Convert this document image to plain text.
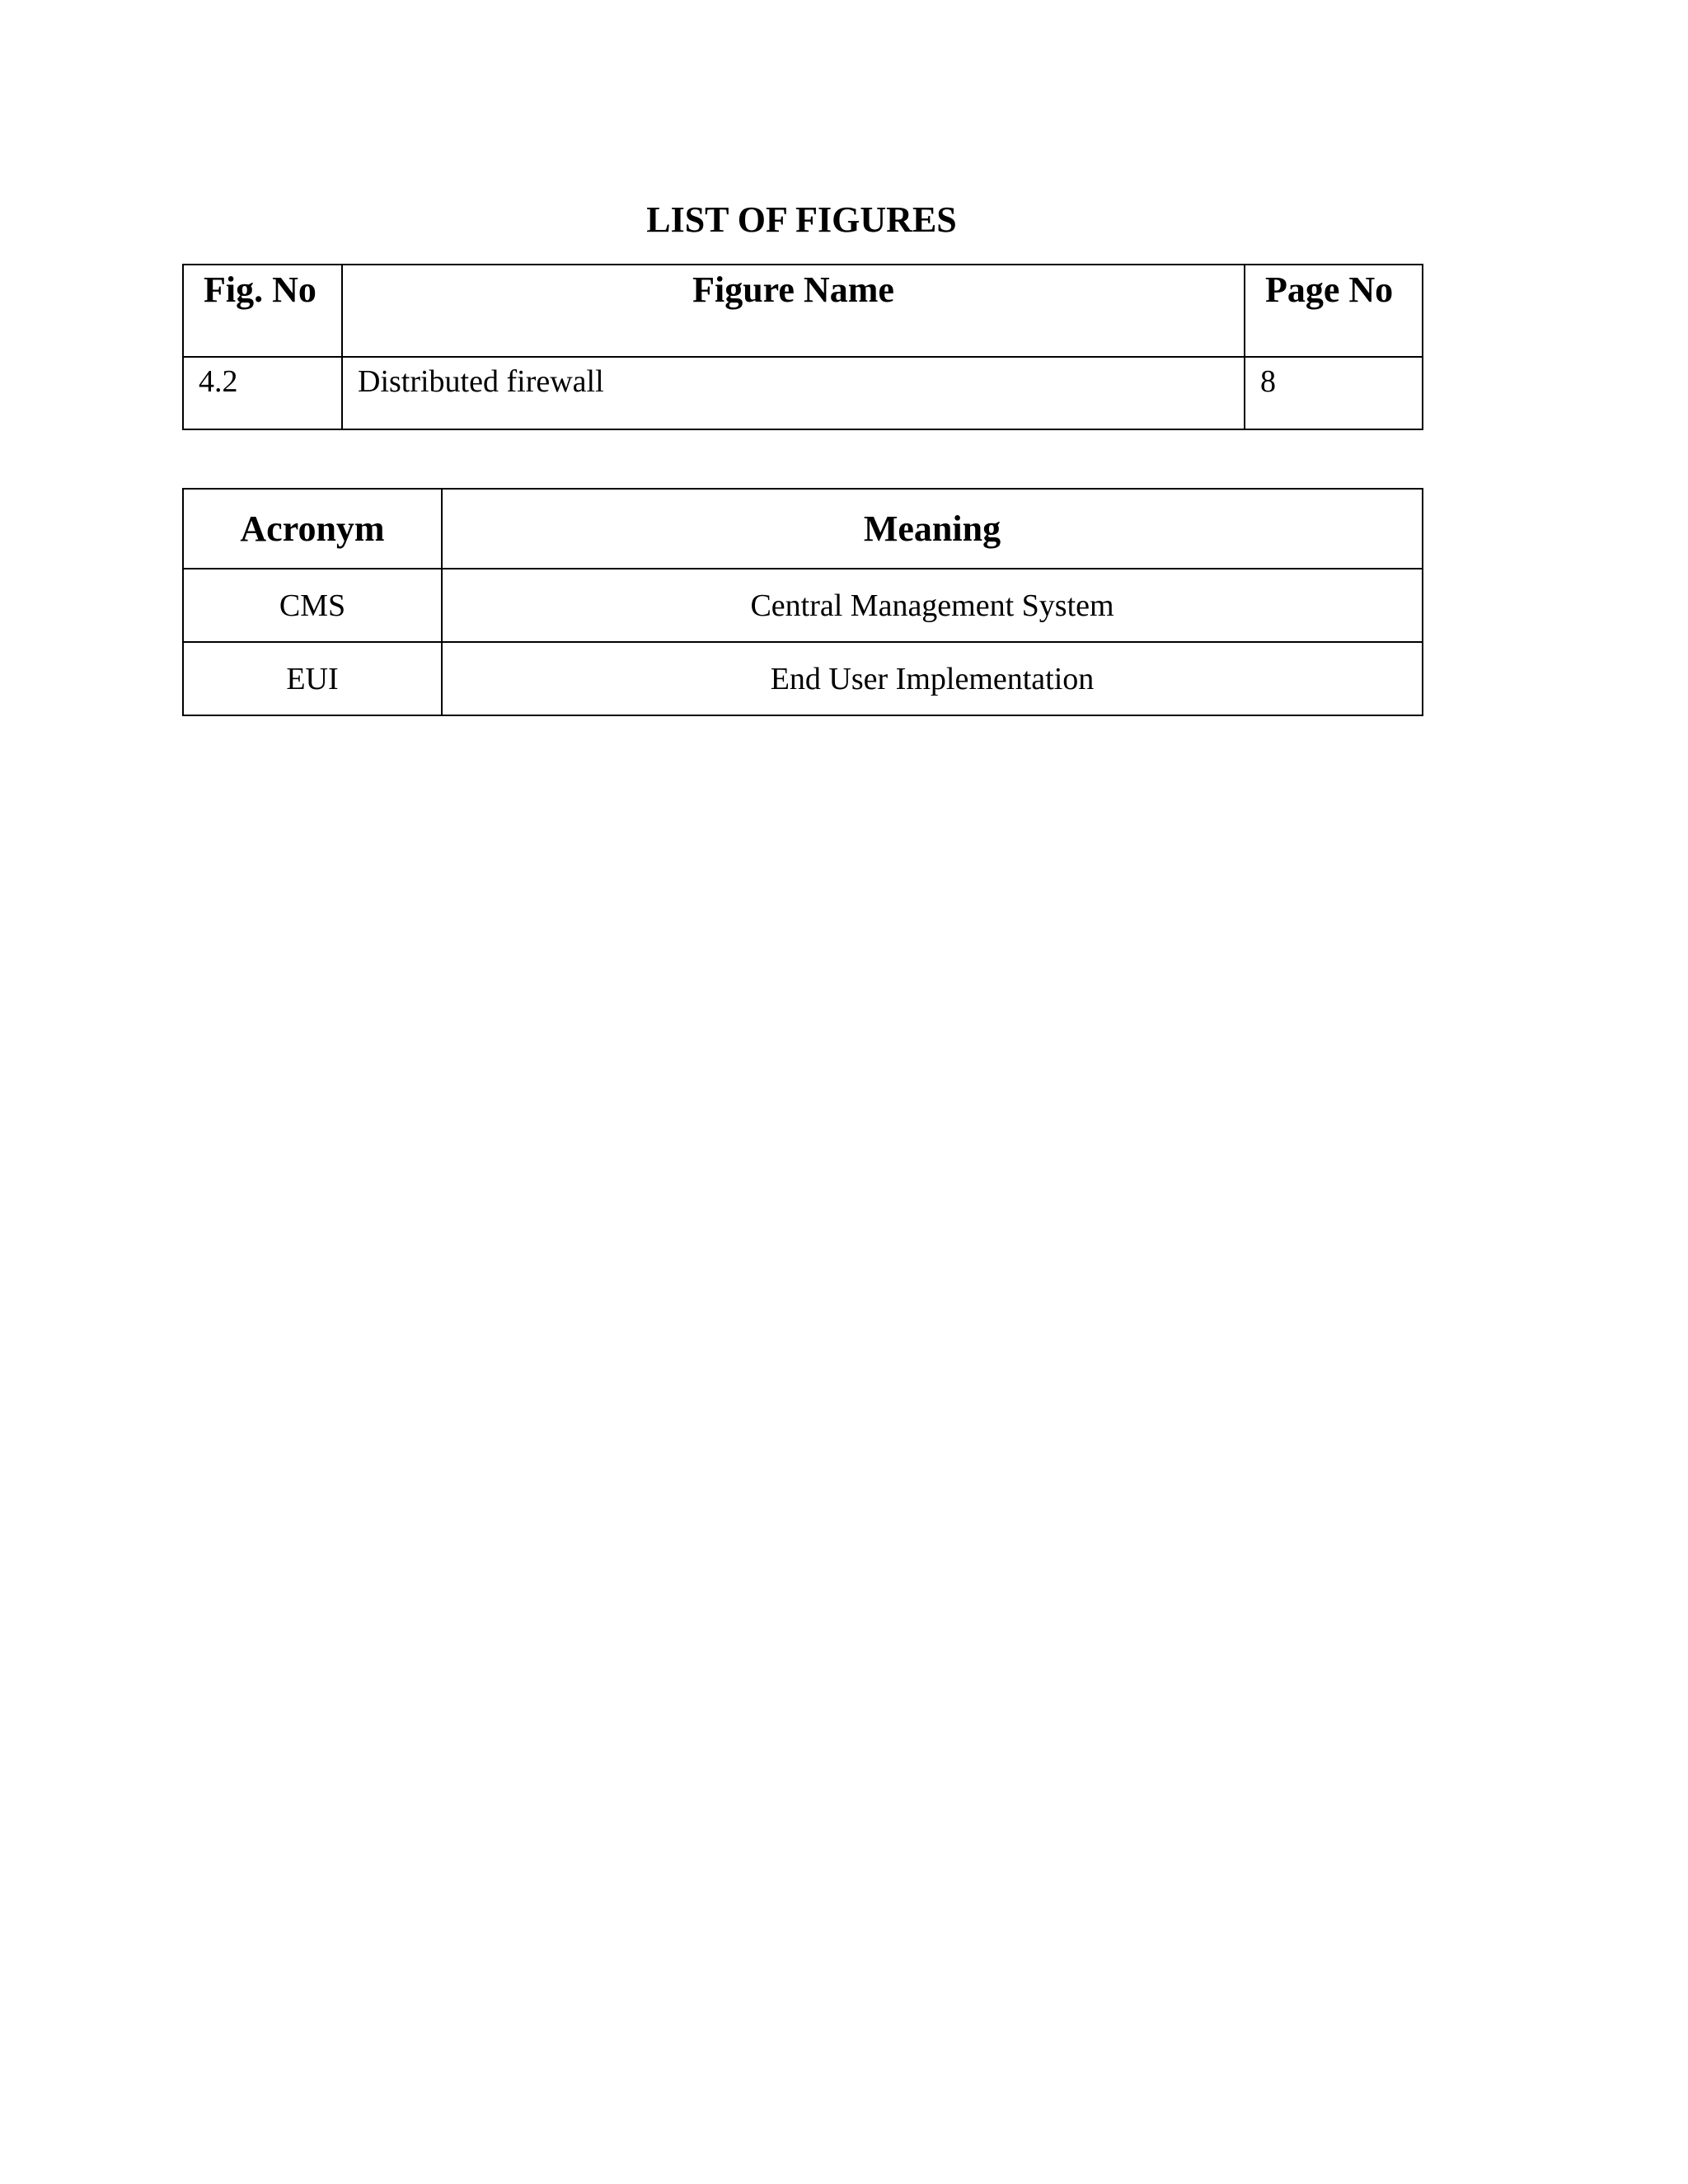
LIST OF FIGURES
Fig. No	Figure Name	Page No
4.2	Distributed firewall	8
Acronym	Meaning
CMS	Central Management System
EUI	End User Implementation
